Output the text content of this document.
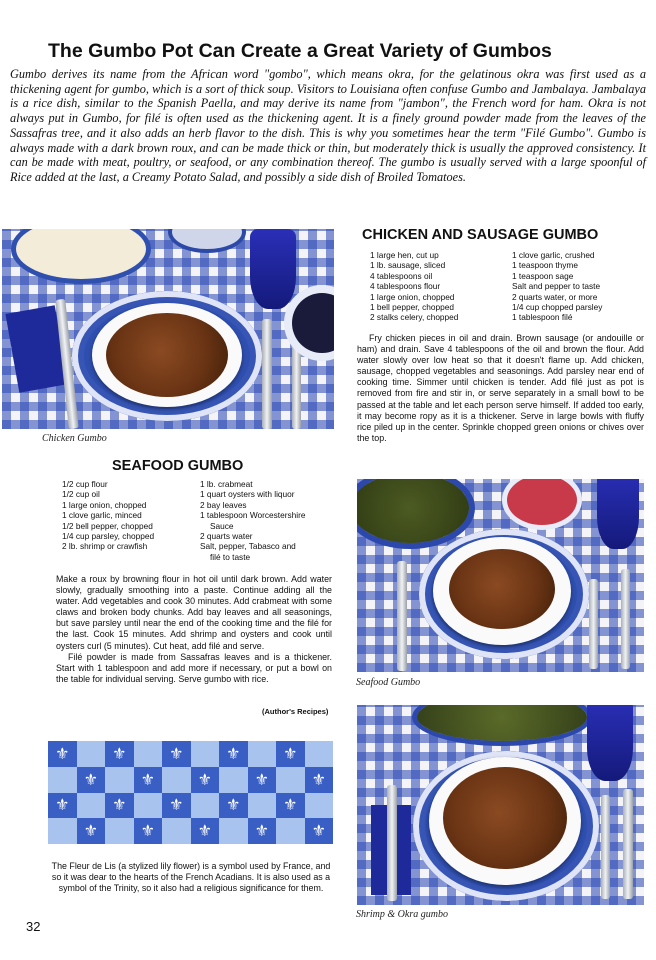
The Gumbo Pot Can Create a Great Variety of Gumbos
Gumbo derives its name from the African word "gombo", which means okra, for the gelatinous okra was first used as a thickening agent for gumbo, which is a sort of thick soup. Visitors to Louisiana often confuse Gumbo and Jambalaya. Jambalaya is a rice dish, similar to the Spanish Paella, and may derive its name from "jambon", the French word for ham. Okra is not always put in Gumbo, for filé is often used as the thickening agent. It is a finely ground powder made from the leaves of the Sassafras tree, and it also adds an herb flavor to the dish. This is why you sometimes hear the term "Filé Gumbo". Gumbo is always made with a dark brown roux, and can be made thick or thin, but moderately thick is usually the approved consistency. It can be made with meat, poultry, or seafood, or any combination thereof. The gumbo is usually served with a large spoonful of Rice added at the last, a Creamy Potato Salad, and possibly a side dish of Broiled Tomatoes.
Chicken Gumbo
CHICKEN AND SAUSAGE GUMBO
1 large hen, cut up
1 lb. sausage, sliced
4 tablespoons oil
4 tablespoons flour
1 large onion, chopped
1 bell pepper, chopped
2 stalks celery, chopped
1 clove garlic, crushed
1 teaspoon thyme
1 teaspoon sage
Salt and pepper to taste
2 quarts water, or more
1/4 cup chopped parsley
1 tablespoon filé
Fry chicken pieces in oil and drain. Brown sausage (or andouille or ham) and drain. Save 4 tablespoons of the oil and brown the flour. Add water slowly over low heat so that it doesn't flame up. Add chicken, sausage, chopped vegetables and seasonings. Add parsley near end of cooking time. Simmer until chicken is tender. Add filé just as pot is removed from fire and stir in, or serve separately in a small bowl to be passed at the table and let each person serve himself. If added too early, it may become ropy as it is a thickener. Serve in large bowls with fluffy rice piled up in the center. Sprinkle chopped green onions or chives over the top.
SEAFOOD GUMBO
1/2 cup flour
1/2 cup oil
1 large onion, chopped
1 clove garlic, minced
1/2 bell pepper, chopped
1/4 cup parsley, chopped
2 lb. shrimp or crawfish
1 lb. crabmeat
1 quart oysters with liquor
2 bay leaves
1 tablespoon Worcestershire
Sauce
2 quarts water
Salt, pepper, Tabasco and
filé to taste

Make a roux by browning flour in hot oil until dark brown. Add water slowly, gradually smoothing into a paste. Continue adding all the water. Add vegetables and cook 30 minutes. Add crabmeat with some claws and broken body chunks. Add bay leaves and all seasonings, but save parsley until near the end of the cooking time and the filé for the last. Cook 15 minutes. Add shrimp and oysters and cook until oysters curl (5 minutes). Cut heat, add filé and serve.

Filé powder is made from Sassafras leaves and is a thickener. Start with 1 tablespoon and add more if necessary, or put a bowl on the table for individual serving. Serve gumbo with rice.

(Author's Recipes)
⚜	⚜	⚜	⚜	⚜
⚜	⚜	⚜	⚜	⚜
⚜	⚜	⚜	⚜	⚜
⚜	⚜	⚜	⚜	⚜
The Fleur de Lis (a stylized lily flower) is a symbol used by France, and so it was dear to the hearts of the French Acadians. It is also used as a symbol of the Trinity, so it also had a religious significance for them.
32
Seafood Gumbo
Shrimp & Okra gumbo
